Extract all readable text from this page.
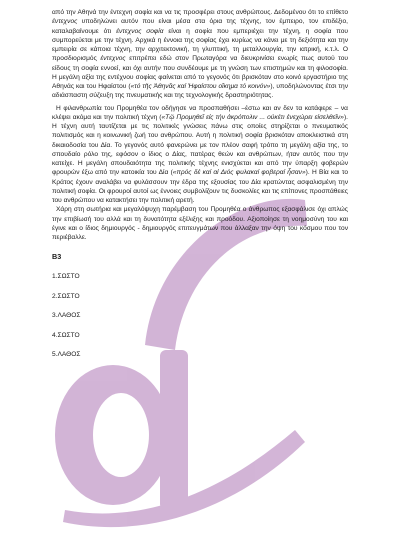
από την Αθηνά την έντεχνη σοφία και να τις προσφέρει στους ανθρώπους. Δεδομένου ότι το επίθετο έντεχνος υποδηλώνει αυτόν που είναι μέσα στα όρια της τέχνης, τον έμπειρο, τον επιδέξιο, καταλαβαίνουμε ότι έντεχνος σοφία είναι η σοφία που εμπεριέχει την τέχνη, η σοφία που συμπορεύεται με την τέχνη. Αρχικά η έννοια της σοφίας έχει κυρίως να κάνει με τη δεξιότητα και την εμπειρία σε κάποια τέχνη, την αρχιτεκτονική, τη γλυπτική, τη μεταλλουργία, την ιατρική, κ.τ.λ. Ο προσδιορισμός έντεχνος επιτρέπει εδώ στον Πρωταγόρα να διευκρινίσει ενωρίς πως αυτού του είδους τη σοφία εννοεί, και όχι αυτήν που συνδέουμε με τη γνώση των επιστημών και τη φιλοσοφία. Η μεγάλη αξία της εντέχνου σοφίας φαίνεται από το γεγονός ότι βρισκόταν στο κοινό εργαστήριο της Αθηνάς και του Ηφαίστου («τό τῆς Ἀθηνᾶς καί Ἡφαίστου οἴκημα τό κοινόν»), υποδηλώνοντας έτσι την αδιάσπαστη σύζευξη της πνευματικής και της τεχνολογικής δραστηριότητας.

Η φιλανθρωπία του Προμηθέα τον οδήγησε να προσπαθήσει –έστω και αν δεν τα κατάφερε – να κλέψει ακόμα και την πολιτική τέχνη («Τῷ Προμηθεῖ εἰς τήν ἀκρόπολιν ... οὐκέτι ἐνεχώρει εἰσελθεῖν»). Η τέχνη αυτή ταυτίζεται με τις πολιτικές γνώσεις πάνω στις οποίες στηρίζεται ο πνευματικός πολιτισμός και η κοινωνική ζωή του ανθρώπου. Αυτή η πολιτική σοφία βρισκόταν αποκλειστικά στη δικαιοδοσία του Δία. Το γεγονός αυτό φανερώνει με τον πλέον σαφή τρόπο τη μεγάλη αξία της, το σπουδαίο ρόλο της, εφόσον ο ίδιος ο Δίας, πατέρας θεών και ανθρώπων, ήταν αυτός που την κατείχε. Η μεγάλη σπουδαιότητα της πολιτικής τέχνης ενισχύεται και από την ύπαρξη φοβερών φρουρών έξω από την κατοικία του Δία («πρός δέ καί αἱ Διός φυλακαί φοβεραί ἦσαν»). Η Βία και το Κράτος έχουν αναλάβει να φυλάσσουν την έδρα της εξουσίας του Δία κρατώντας ασφαλισμένη την πολιτική σοφία. Οι φρουροί αυτοί ως έννοιες συμβολίζουν τις δυσκολίες και τις επίπονες προσπάθειες του ανθρώπου να κατακτήσει την πολιτική αρετή.

Χάρη στη σωτήρια και μεγαλόψυχη παρέμβαση του Προμηθέα ο άνθρωπος εξασφάλισε όχι απλώς την επιβίωσή του αλλά και τη δυνατότητα εξέλιξης και προόδου. Αξιοποίησε τη νοημοσύνη του και έγινε και ο ίδιος δημιουργός - δημιουργός επιτευγμάτων που άλλαξαν την όψη του κόσμου που τον περιέβαλλε.

Β3
1.ΣΩΣΤΟ
2.ΣΩΣΤΟ
3.ΛΑΘΟΣ
4.ΣΩΣΤΟ
5.ΛΑΘΟΣ
